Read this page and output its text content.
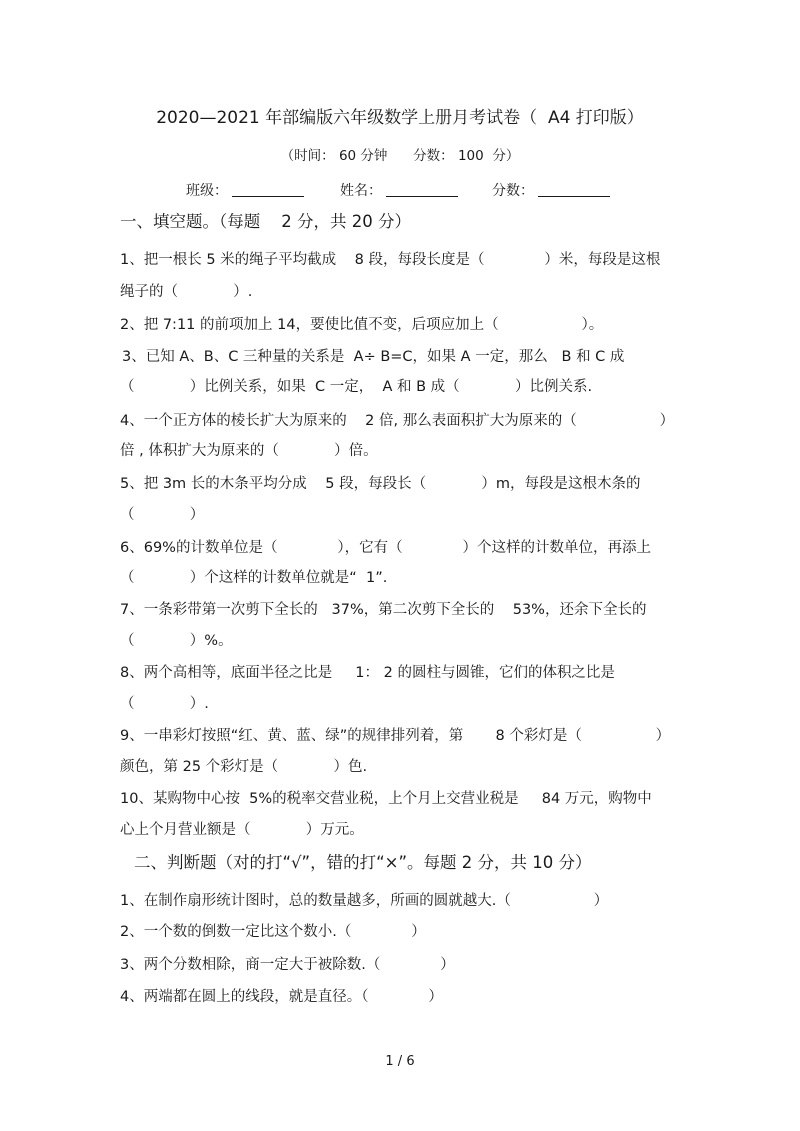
2020—2021 年部编版六年级数学上册月考试卷（  A4 打印版）
（时间： 60 分钟      分数： 100  分）
班级：	姓名：	分数：
一、填空题。（每题    2 分，共 20 分）
1、把一根长 5 米的绳子平均截成    8 段，每段长度是（             ）米，每段是这根
绳子的（            ）.
2、把 7:11 的前项加上 14，要使比值不变，后项应加上（                  ）。
3、已知 A、B、C 三种量的关系是  A÷ B=C，如果 A 一定，那么   B 和 C 成
（            ）比例关系，如果  C 一定，  A 和 B 成（            ）比例关系.
4、一个正方体的棱长扩大为原来的    2 倍, 那么表面积扩大为原来的（                  ）
倍 , 体积扩大为原来的（            ）倍。
5、把 3m 长的木条平均分成    5 段，每段长（            ）m，每段是这根木条的
（            ）
6、69%的计数单位是（             ），它有（             ）个这样的计数单位，再添上
（            ）个这样的计数单位就是“  1”.
7、一条彩带第一次剪下全长的   37%，第二次剪下全长的    53%，还余下全长的
（            ）%。
8、两个高相等，底面半径之比是     1： 2 的圆柱与圆锥，它们的体积之比是
（            ）.
9、一串彩灯按照“红、黄、蓝、绿”的规律排列着，第       8 个彩灯是（                ）
颜色，第 25 个彩灯是（            ）色.
10、某购物中心按  5%的税率交营业税，上个月上交营业税是     84 万元，购物中
心上个月营业额是（            ）万元。
二、判断题（对的打“√”，错的打“×”。每题 2 分，共 10 分）
1、在制作扇形统计图时，总的数量越多，所画的圆就越大.（                  ）
2、一个数的倒数一定比这个数小.（             ）
3、两个分数相除，商一定大于被除数.（             ）
4、两端都在圆上的线段，就是直径。（             ）
1 / 6
